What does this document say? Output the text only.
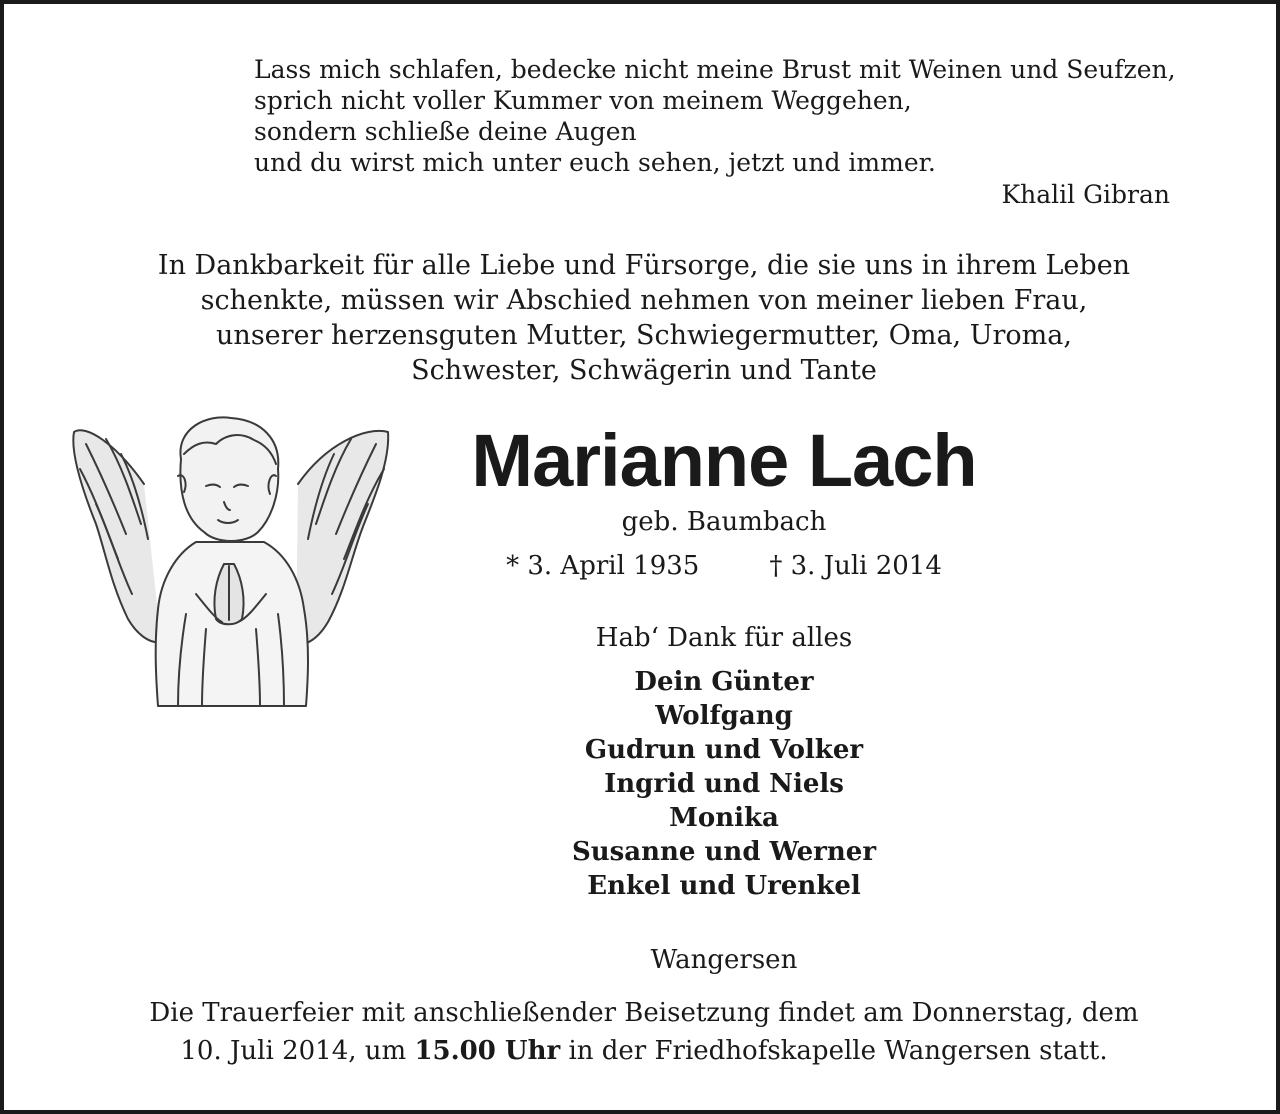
Lass mich schlafen, bedecke nicht meine Brust mit Weinen und Seufzen,
sprich nicht voller Kummer von meinem Weggehen,
sondern schließe deine Augen
und du wirst mich unter euch sehen, jetzt und immer.
Khalil Gibran
In Dankbarkeit für alle Liebe und Fürsorge, die sie uns in ihrem Leben
schenkte, müssen wir Abschied nehmen von meiner lieben Frau,
unserer herzensguten Mutter, Schwiegermutter, Oma, Uroma,
Schwester, Schwägerin und Tante
Marianne Lach
geb. Baumbach
* 3. April 1935	† 3. Juli 2014
Hab‘ Dank für alles
Dein Günter
Wolfgang
Gudrun und Volker
Ingrid und Niels
Monika
Susanne und Werner
Enkel und Urenkel
Wangersen
Die Trauerfeier mit anschließender Beisetzung findet am Donnerstag, dem
10. Juli 2014, um 15.00 Uhr in der Friedhofskapelle Wangersen statt.
